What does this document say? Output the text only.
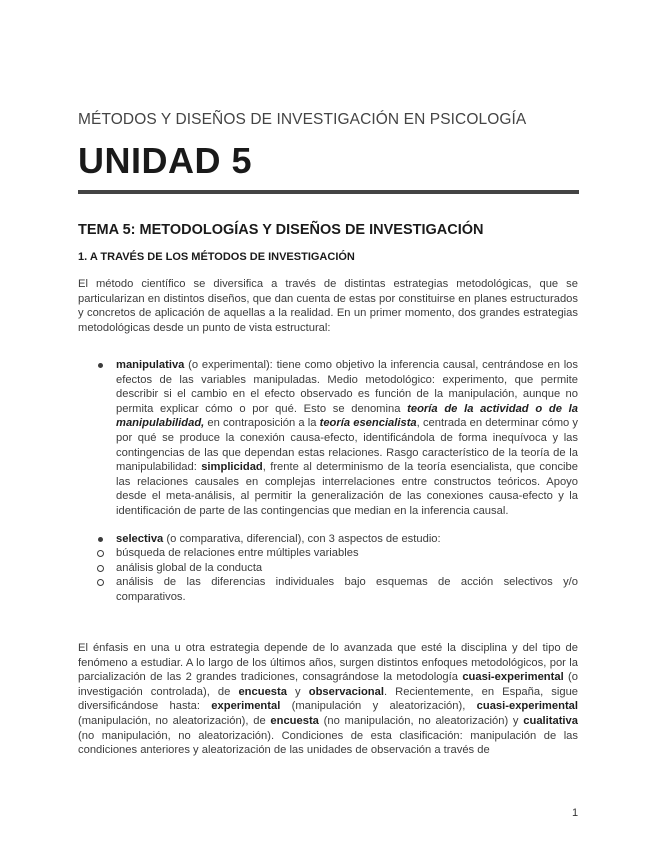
MÉTODOS Y DISEÑOS DE INVESTIGACIÓN EN PSICOLOGÍA
UNIDAD 5
TEMA 5: METODOLOGÍAS Y DISEÑOS DE INVESTIGACIÓN
1. A TRAVÉS DE LOS MÉTODOS DE INVESTIGACIÓN

El método científico se diversifica a través de distintas estrategias metodológicas, que se particularizan en distintos diseños, que dan cuenta de estas por constituirse en planes estructurados y concretos de aplicación de aquellas a la realidad. En un primer momento, dos grandes estrategias metodológicas desde un punto de vista estructural:

manipulativa (o experimental): tiene como objetivo la inferencia causal, centrándose en los efectos de las variables manipuladas. Medio metodológico: experimento, que permite describir si el cambio en el efecto observado es función de la manipulación, aunque no permita explicar cómo o por qué. Esto se denomina teoría de la actividad o de la manipulabilidad, en contraposición a la teoría esencialista, centrada en determinar cómo y por qué se produce la conexión causa-efecto, identificándola de forma inequívoca y las contingencias de las que dependan estas relaciones. Rasgo característico de la teoría de la manipulabilidad: simplicidad, frente al determinismo de la teoría esencialista, que concibe las relaciones causales en complejas interrelaciones entre constructos teóricos. Apoyo desde el meta-análisis, al permitir la generalización de las conexiones causa-efecto y la identificación de parte de las contingencias que median en la inferencia causal.
selectiva (o comparativa, diferencial), con 3 aspectos de estudio:
búsqueda de relaciones entre múltiples variables
análisis global de la conducta
análisis de las diferencias individuales bajo esquemas de acción selectivos y/o comparativos.

El énfasis en una u otra estrategia depende de lo avanzada que esté la disciplina y del tipo de fenómeno a estudiar. A lo largo de los últimos años, surgen distintos enfoques metodológicos, por la parcialización de las 2 grandes tradiciones, consagrándose la metodología cuasi-experimental (o investigación controlada), de encuesta y observacional. Recientemente, en España, sigue diversificándose hasta: experimental (manipulación y aleatorización), cuasi-experimental (manipulación, no aleatorización), de encuesta (no manipulación, no aleatorización) y cualitativa (no manipulación, no aleatorización). Condiciones de esta clasificación: manipulación de las condiciones anteriores y aleatorización de las unidades de observación a través de

1
